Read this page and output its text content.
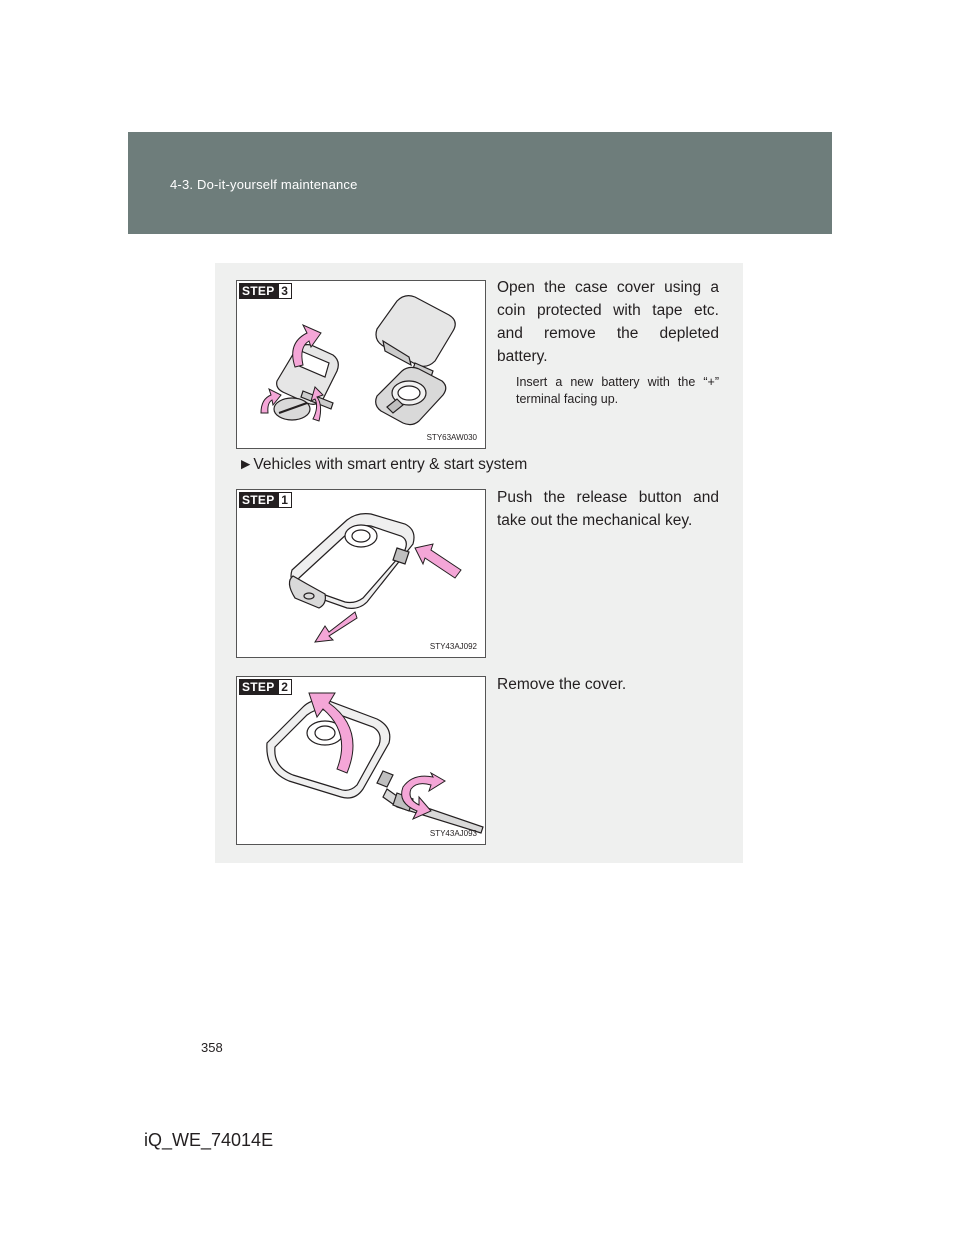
4-3. Do-it-yourself maintenance
STEP 3
STY63AW030
Open the case cover using a coin protected with tape etc. and remove the depleted battery.
Insert a new battery with the “+” terminal facing up.
►Vehicles with smart entry & start system
STEP 1
STY43AJ092
Push the release button and take out the mechanical key.
STEP 2
STY43AJ093
Remove the cover.
358
iQ_WE_74014E
